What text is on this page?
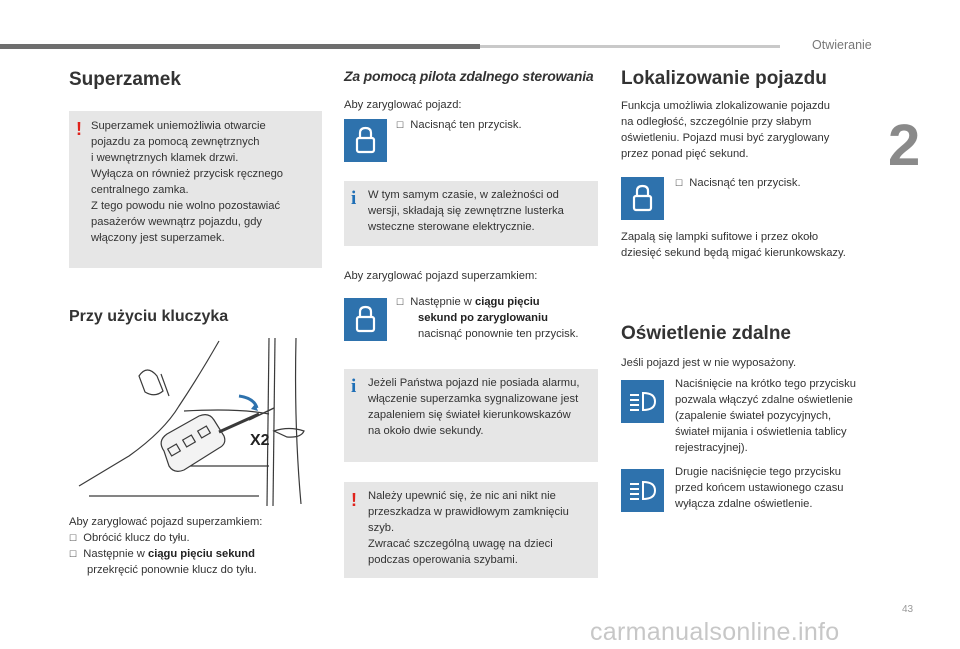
Otwieranie
2
43
carmanualsonline.info
Superzamek
! Superzamek uniemożliwia otwarcie
pojazdu za pomocą zewnętrznych
i wewnętrznych klamek drzwi.
Wyłącza on również przycisk ręcznego
centralnego zamka.
Z tego powodu nie wolno pozostawiać
pasażerów wewnątrz pojazdu, gdy
włączony jest superzamek.
Przy użyciu kluczyka
X2
Aby zaryglować pojazd superzamkiem:
☐ Obrócić klucz do tyłu.
☐ Następnie w ciągu pięciu sekund
przekręcić ponownie klucz do tyłu.
Za pomocą pilota zdalnego sterowania
Aby zaryglować pojazd:
☐ Nacisnąć ten przycisk.
i W tym samym czasie, w zależności od
wersji, składają się zewnętrzne lusterka
wsteczne sterowane elektrycznie.
Aby zaryglować pojazd superzamkiem:
☐ Następnie w ciągu pięciu
sekund po zaryglowaniu
nacisnąć ponownie ten przycisk.
i Jeżeli Państwa pojazd nie posiada alarmu,
włączenie superzamka sygnalizowane jest
zapaleniem się świateł kierunkowskazów
na około dwie sekundy.
! Należy upewnić się, że nic ani nikt nie
przeszkadza w prawidłowym zamknięciu
szyb.
Zwracać szczególną uwagę na dzieci
podczas operowania szybami.
Lokalizowanie pojazdu
Funkcja umożliwia zlokalizowanie pojazdu
na odległość, szczególnie przy słabym
oświetleniu. Pojazd musi być zaryglowany
przez ponad pięć sekund.
☐ Nacisnąć ten przycisk.
Zapalą się lampki sufitowe i przez około
dziesięć sekund będą migać kierunkowskazy.
Oświetlenie zdalne
Jeśli pojazd jest w nie wyposażony.
Naciśnięcie na krótko tego przycisku
pozwala włączyć zdalne oświetlenie
(zapalenie świateł pozycyjnych,
świateł mijania i oświetlenia tablicy
rejestracyjnej).
Drugie naciśnięcie tego przycisku
przed końcem ustawionego czasu
wyłącza zdalne oświetlenie.
